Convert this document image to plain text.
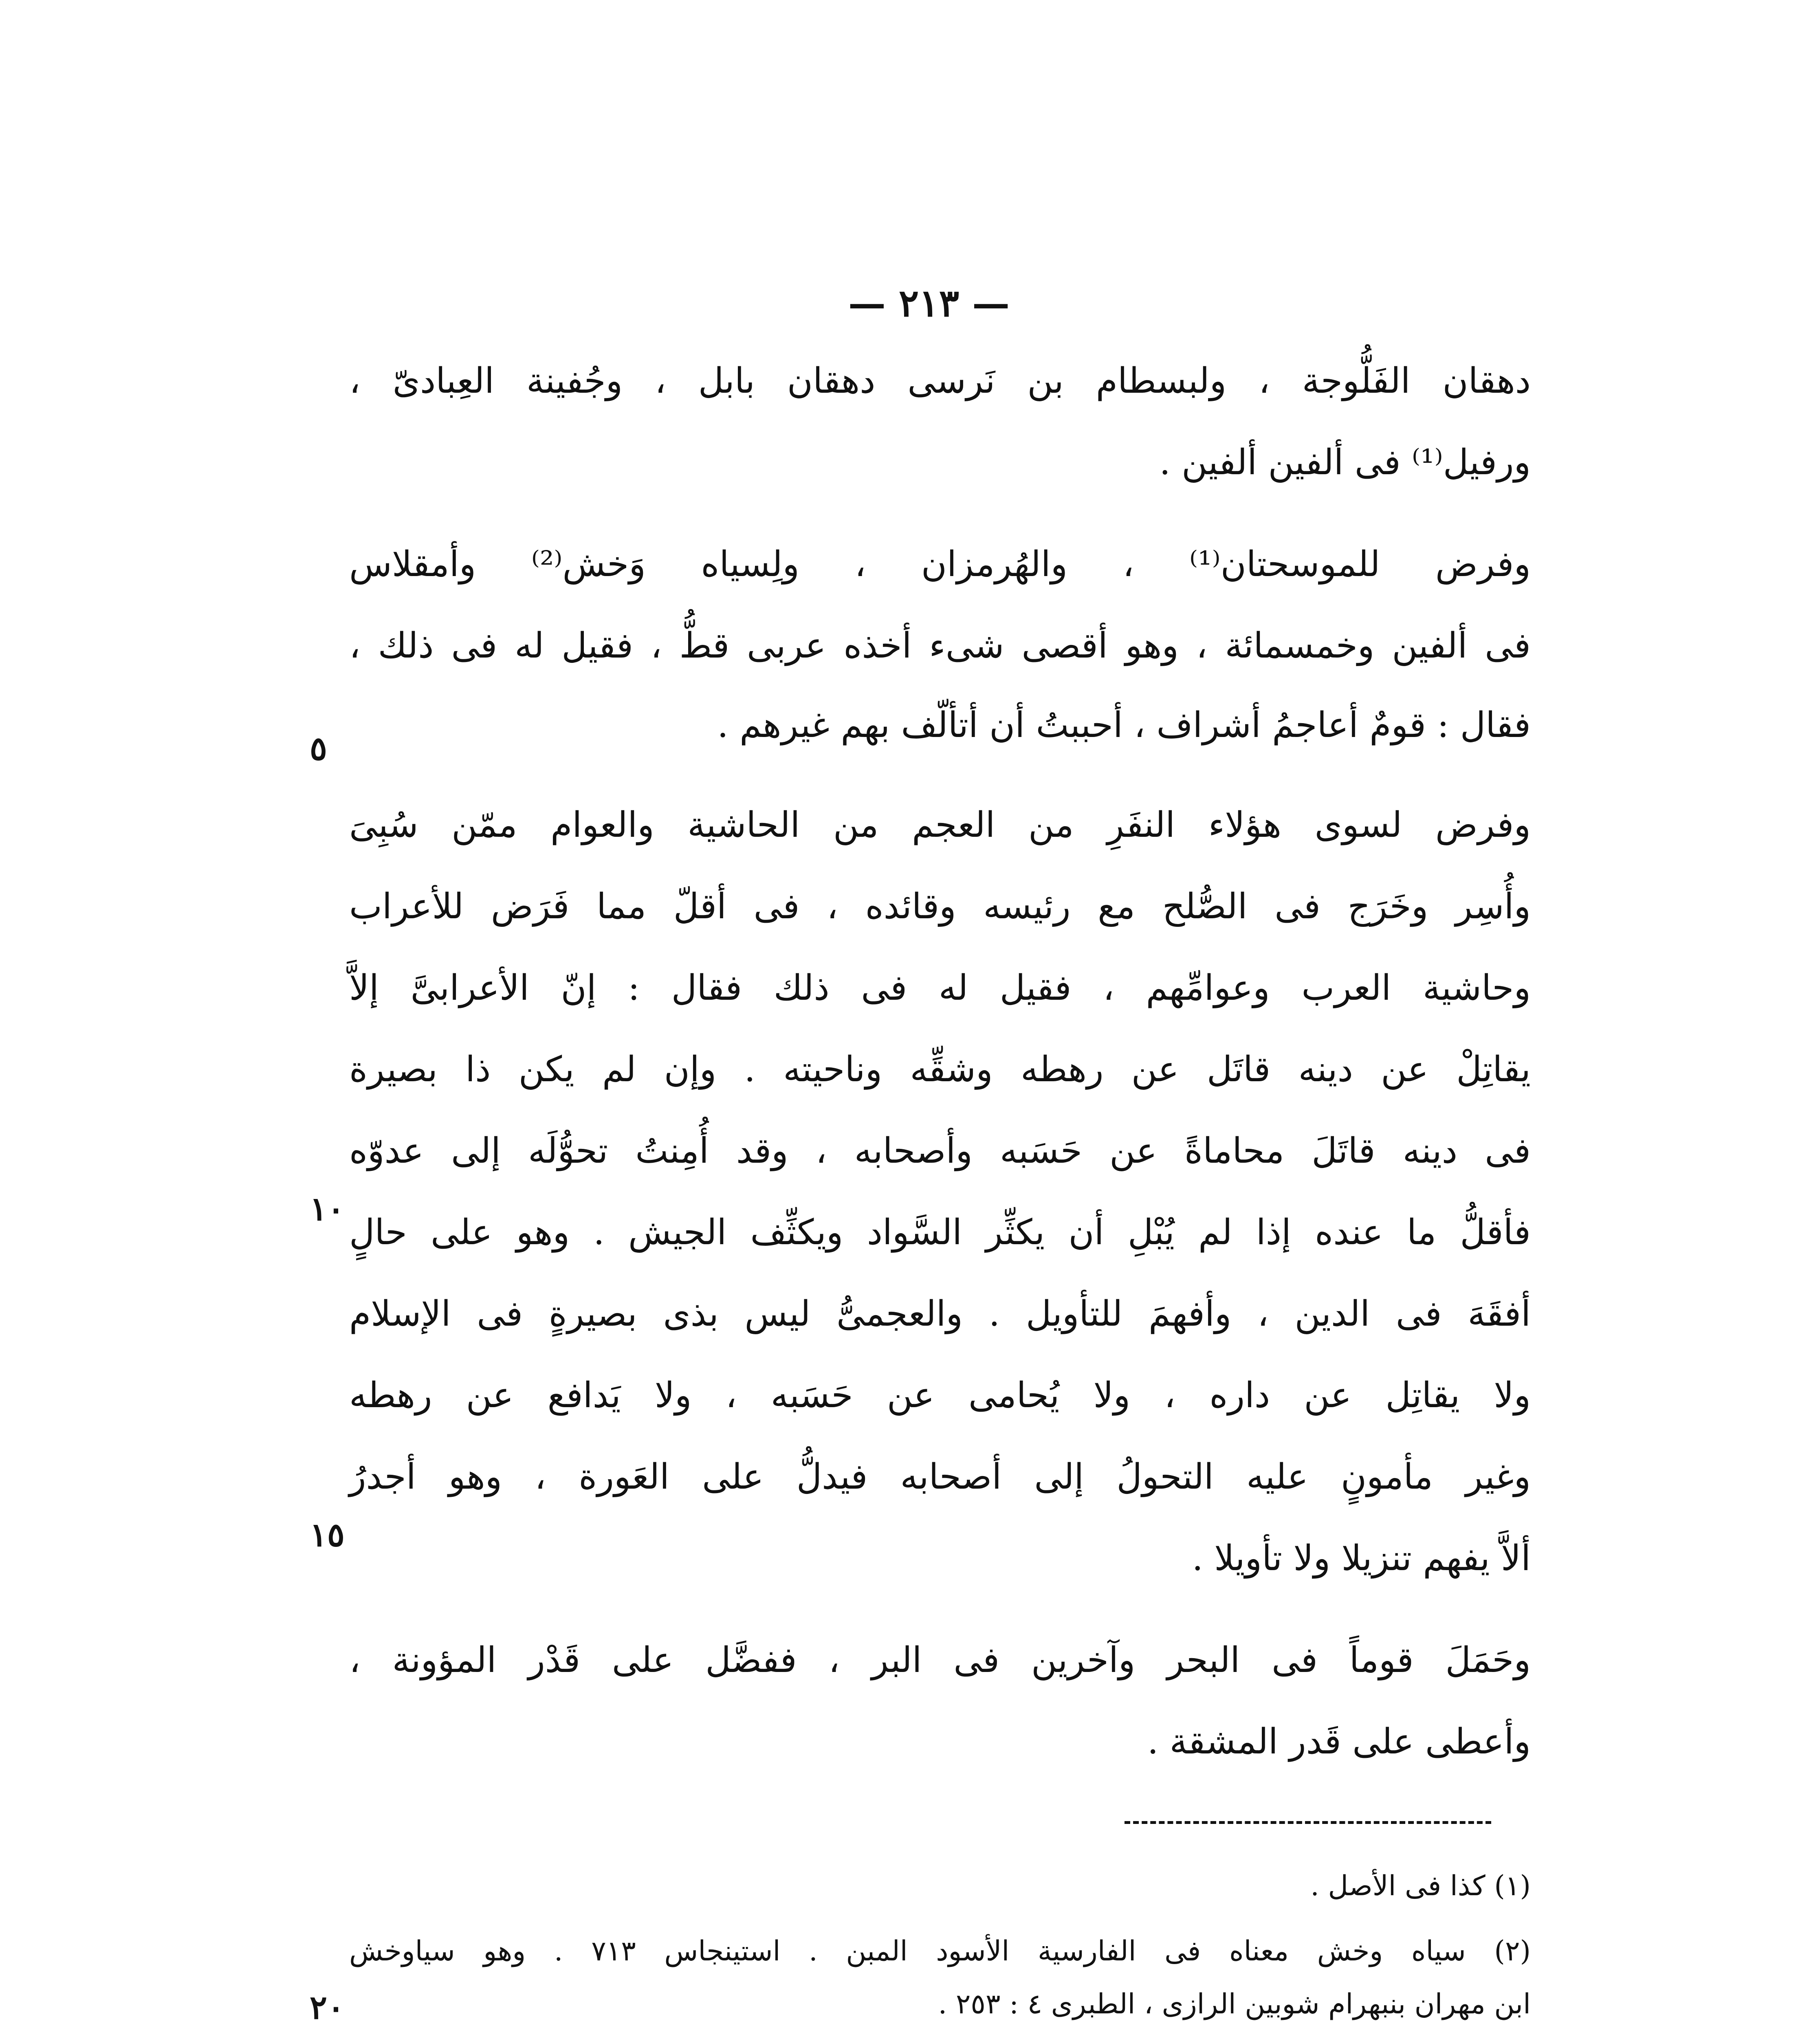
— ٢١٣ —
دهقان الفَلُّوجة ، ولبسطام بن نَرسى دهقان بابل ، وجُفينة العِبادىّ ،
ورفيل⁽¹⁾ فى ألفين ألفين .
وفرض للموسحتان⁽¹⁾ ، والهُرمزان ، ولِسياه وَخش⁽²⁾ وأمقلاس
فى ألفين وخمسمائة ، وهو أقصى شىء أخذه عربى قطُّ ، فقيل له فى ذلك ،
فقال : قومٌ أعاجمُ أشراف ، أحببتُ أن أتألّف بهم غيرهم .
وفرض لسوى هؤلاء النفَرِ من العجم من الحاشية والعوام ممّن سُبِىَ
وأُسِر وخَرَج فى الصُّلح مع رئيسه وقائده ، فى أقلّ مما فَرَض للأعراب
وحاشية العرب وعوامِّهم ، فقيل له فى ذلك فقال : إنّ الأعرابىَّ إلاَّ
يقاتِلْ عن دينه قاتَل عن رهطه وشقِّه وناحيته . وإن لم يكن ذا بصيرة
فى دينه قاتَلَ محاماةً عن حَسَبه وأصحابه ، وقد أُمِنتُ تحوُّلَه إلى عدوّه
فأقلُّ ما عنده إذا لم يُبْلِ أن يكثِّر السَّواد ويكثِّف الجيش . وهو على حالٍ
أفقَهَ فى الدين ، وأفهمَ للتأويل . والعجمىُّ ليس بذى بصيرةٍ فى الإسلام
ولا يقاتِل عن داره ، ولا يُحامى عن حَسَبه ، ولا يَدافع عن رهطه
وغير مأمونٍ عليه التحولُ إلى أصحابه فيدلُّ على العَورة ، وهو أجدرُ
ألاَّ يفهم تنزيلا ولا تأويلا .
وحَمَلَ قوماً فى البحر وآخرين فى البر ، ففضَّل على قَدْر المؤونة ،
وأعطى على قَدر المشقة .
٥
١٠
١٥
٢٠
(١) كذا فى الأصل .
(٢) سياه وخش معناه فى الفارسية الأسود المبن . استينجاس ٧١٣ . وهو سياوخش
ابن مهران بنبهرام شوبين الرازى ، الطبرى ٤ : ٢٥٣ .
